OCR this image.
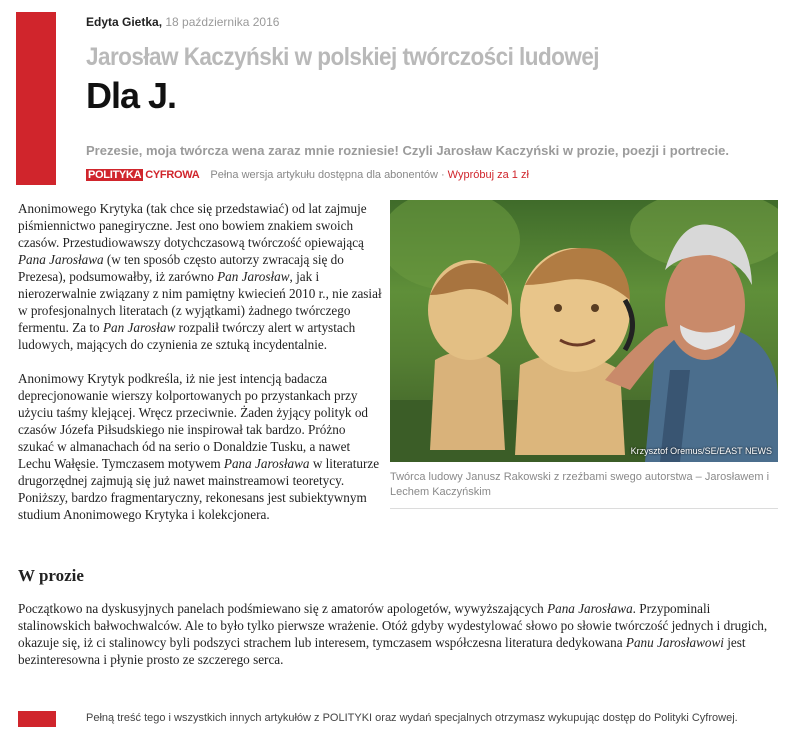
Edyta Gietka, 18 października 2016
Jarosław Kaczyński w polskiej twórczości ludowej
Dla J.
Prezesie, moja twórcza wena zaraz mnie rozniesie! Czyli Jarosław Kaczyński w prozie, poezji i portrecie.
POLITYKA CYFROWA Pełna wersja artykułu dostępna dla abonentów · Wypróbuj za 1 zł

Anonimowego Krytyka (tak chce się przedstawiać) od lat zajmuje piśmiennictwo panegiryczne. Jest ono bowiem znakiem swoich czasów. Przestudiowawszy dotychczasową twórczość opiewającą Pana Jarosława (w ten sposób często autorzy zwracają się do Prezesa), podsumowałby, iż zarówno Pan Jarosław, jak i nierozerwalnie związany z nim pamiętny kwiecień 2010 r., nie zasiał w profesjonalnych literatach (z wyjątkami) żadnego twórczego fermentu. Za to Pan Jarosław rozpalił twórczy alert w artystach ludowych, mających do czynienia ze sztuką incydentalnie.

Anonimowy Krytyk podkreśla, iż nie jest intencją badacza deprecjonowanie wierszy kolportowanych po przystankach przy użyciu taśmy klejącej. Wręcz przeciwnie. Żaden żyjący polityk od czasów Józefa Piłsudskiego nie inspirował tak bardzo. Próżno szukać w almanachach ód na serio o Donaldzie Tusku, a nawet Lechu Wałęsie. Tymczasem motywem Pana Jarosława w literaturze drugorzędnej zajmują się już nawet mainstreamowi teoretycy. Poniższy, bardzo fragmentaryczny, rekonesans jest subiektywnym studium Anonimowego Krytyka i kolekcjonera.

Krzysztof Oremus/SE/EAST NEWS
Twórca ludowy Janusz Rakowski z rzeźbami swego autorstwa – Jarosławem i Lechem Kaczyńskim
W prozie
Początkowo na dyskusyjnych panelach podśmiewano się z amatorów apologetów, wywyższających Pana Jarosława. Przypominali stalinowskich bałwochwalców. Ale to było tylko pierwsze wrażenie. Otóż gdyby wydestylować słowo po słowie twórczość jednych i drugich, okazuje się, iż ci stalinowcy byli podszyci strachem lub interesem, tymczasem współczesna literatura dedykowana Panu Jarosławowi jest bezinteresowna i płynie prosto ze szczerego serca.
Pełną treść tego i wszystkich innych artykułów z POLITYKI oraz wydań specjalnych otrzymasz wykupując dostęp do Polityki Cyfrowej.
